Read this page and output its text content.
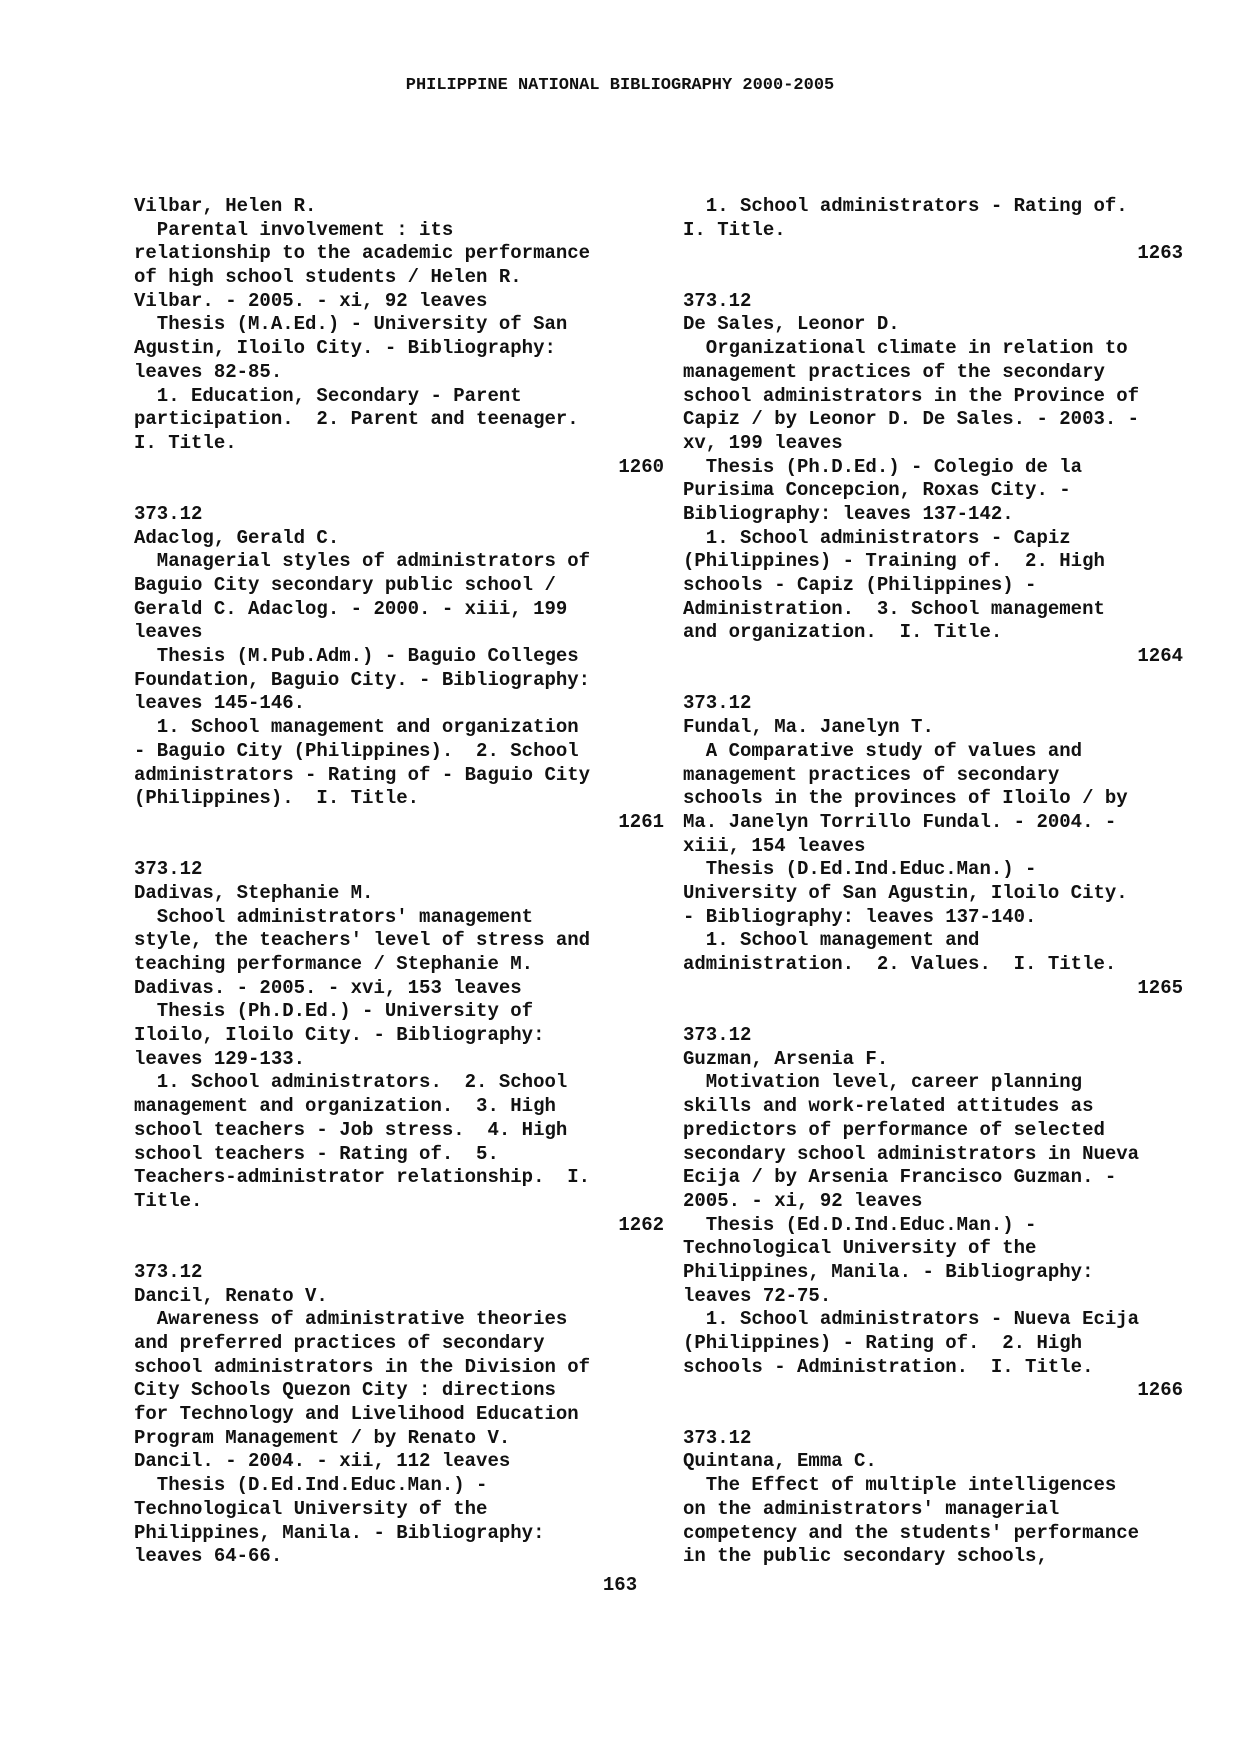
PHILIPPINE NATIONAL BIBLIOGRAPHY 2000-2005
Vilbar, Helen R.
Parental involvement : its
relationship to the academic performance
of high school students / Helen R.
Vilbar. - 2005. - xi, 92 leaves
Thesis (M.A.Ed.) - University of San
Agustin, Iloilo City. - Bibliography:
leaves 82-85.
1. Education, Secondary - Parent
participation.  2. Parent and teenager.
I. Title.
1260
373.12
Adaclog, Gerald C.
Managerial styles of administrators of
Baguio City secondary public school /
Gerald C. Adaclog. - 2000. - xiii, 199
leaves
Thesis (M.Pub.Adm.) - Baguio Colleges
Foundation, Baguio City. - Bibliography:
leaves 145-146.
1. School management and organization
- Baguio City (Philippines).  2. School
administrators - Rating of - Baguio City
(Philippines).  I. Title.
1261
373.12
Dadivas, Stephanie M.
School administrators' management
style, the teachers' level of stress and
teaching performance / Stephanie M.
Dadivas. - 2005. - xvi, 153 leaves
Thesis (Ph.D.Ed.) - University of
Iloilo, Iloilo City. - Bibliography:
leaves 129-133.
1. School administrators.  2. School
management and organization.  3. High
school teachers - Job stress.  4. High
school teachers - Rating of.  5.
Teachers-administrator relationship.  I.
Title.
1262
373.12
Dancil, Renato V.
Awareness of administrative theories
and preferred practices of secondary
school administrators in the Division of
City Schools Quezon City : directions
for Technology and Livelihood Education
Program Management / by Renato V.
Dancil. - 2004. - xii, 112 leaves
Thesis (D.Ed.Ind.Educ.Man.) -
Technological University of the
Philippines, Manila. - Bibliography:
leaves 64-66.
1. School administrators - Rating of.
I. Title.
1263
373.12
De Sales, Leonor D.
Organizational climate in relation to
management practices of the secondary
school administrators in the Province of
Capiz / by Leonor D. De Sales. - 2003. -
xv, 199 leaves
Thesis (Ph.D.Ed.) - Colegio de la
Purisima Concepcion, Roxas City. -
Bibliography: leaves 137-142.
1. School administrators - Capiz
(Philippines) - Training of.  2. High
schools - Capiz (Philippines) -
Administration.  3. School management
and organization.  I. Title.
1264
373.12
Fundal, Ma. Janelyn T.
A Comparative study of values and
management practices of secondary
schools in the provinces of Iloilo / by
Ma. Janelyn Torrillo Fundal. - 2004. -
xiii, 154 leaves
Thesis (D.Ed.Ind.Educ.Man.) -
University of San Agustin, Iloilo City.
- Bibliography: leaves 137-140.
1. School management and
administration.  2. Values.  I. Title.
1265
373.12
Guzman, Arsenia F.
Motivation level, career planning
skills and work-related attitudes as
predictors of performance of selected
secondary school administrators in Nueva
Ecija / by Arsenia Francisco Guzman. -
2005. - xi, 92 leaves
Thesis (Ed.D.Ind.Educ.Man.) -
Technological University of the
Philippines, Manila. - Bibliography:
leaves 72-75.
1. School administrators - Nueva Ecija
(Philippines) - Rating of.  2. High
schools - Administration.  I. Title.
1266
373.12
Quintana, Emma C.
The Effect of multiple intelligences
on the administrators' managerial
competency and the students' performance
in the public secondary schools,
163
